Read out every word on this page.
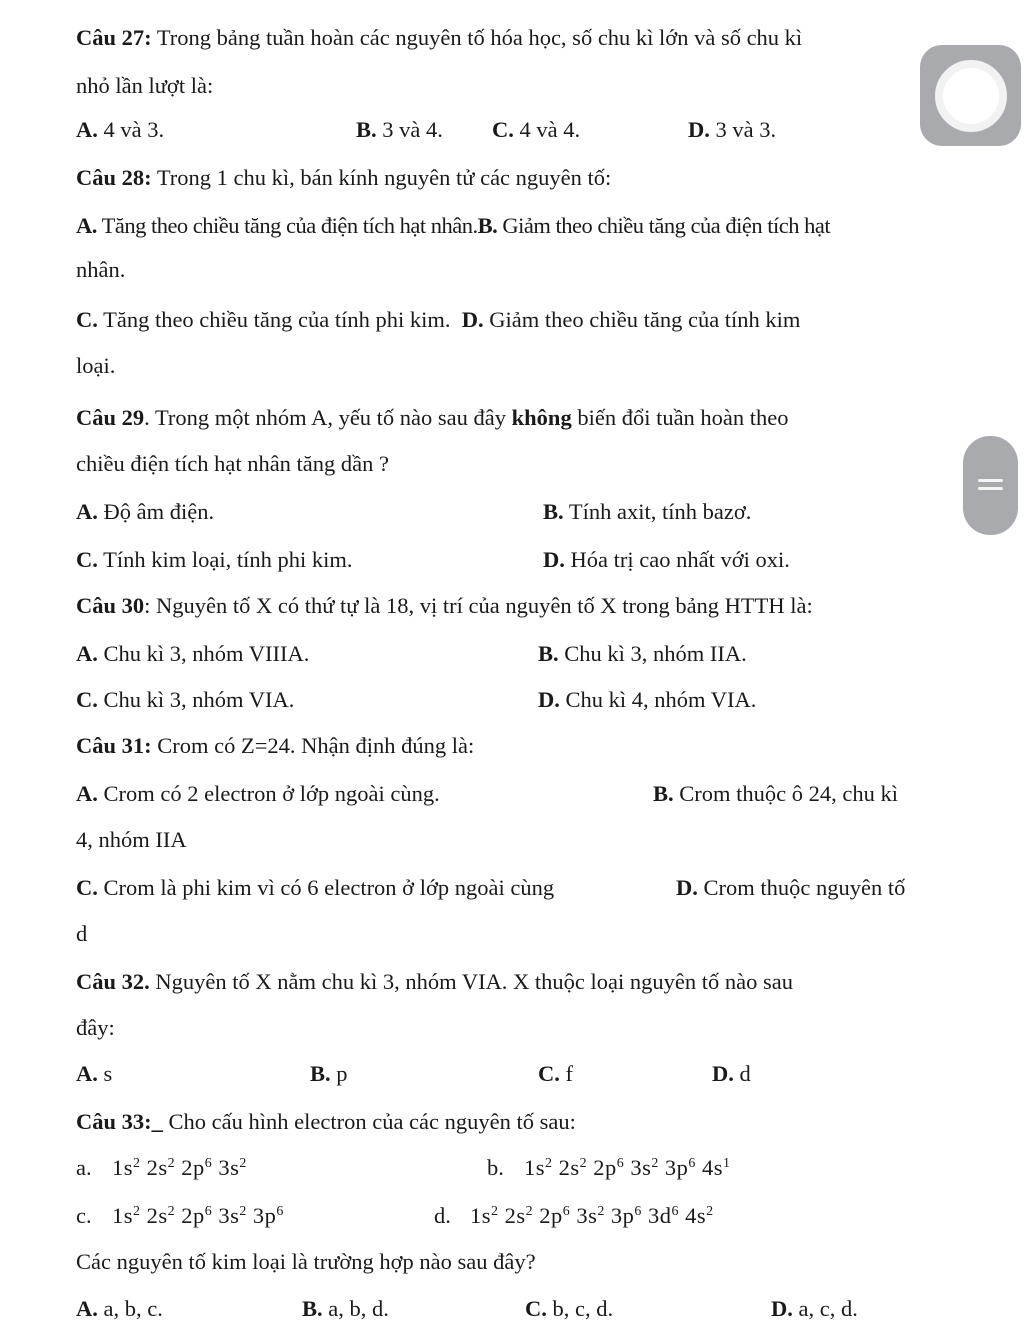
Câu 27: Trong bảng tuần hoàn các nguyên tố hóa học, số chu kì lớn và số chu kì
nhỏ lần lượt là:
A. 4 và 3.	B. 3 và 4. C. 4 và 4.	D. 3 và 3.
Câu 28: Trong 1 chu kì, bán kính nguyên tử các nguyên tố:
A. Tăng theo chiều tăng của điện tích hạt nhân.B. Giảm theo chiều tăng của điện tích hạt
nhân.
C. Tăng theo chiều tăng của tính phi kim. D. Giảm theo chiều tăng của tính kim
loại.
Câu 29. Trong một nhóm A, yếu tố nào sau đây không biến đổi tuần hoàn theo
chiều điện tích hạt nhân tăng dần ?
A. Độ âm điện.	B. Tính axit, tính bazơ.
C. Tính kim loại, tính phi kim.	D. Hóa trị cao nhất với oxi.
Câu 30: Nguyên tố X có thứ tự là 18, vị trí của nguyên tố X trong bảng HTTH là:
A. Chu kì 3, nhóm VIIIA.	B. Chu kì 3, nhóm IIA.
C. Chu kì 3, nhóm VIA.	D. Chu kì 4, nhóm VIA.
Câu 31: Crom có Z=24. Nhận định đúng là:
A. Crom có 2 electron ở lớp ngoài cùng.	B. Crom thuộc ô 24, chu kì
4, nhóm IIA
C. Crom là phi kim vì có 6 electron ở lớp ngoài cùng	D. Crom thuộc nguyên tố
d
Câu 32. Nguyên tố X nằm chu kì 3, nhóm VIA. X thuộc loại nguyên tố nào sau
đây:
A. s	B. p	C. f	D. d
Câu 33:_ Cho cấu hình electron của các nguyên tố sau:
a. $1s^2$ $2s^2$ $2p^6$ $3s^2$	b. $1s^2$ $2s^2$ $2p^6$ $3s^2$ $3p^6$ $4s^1$
c. $1s^2$ $2s^2$ $2p^6$ $3s^2$ $3p^6$	d. $1s^2$ $2s^2$ $2p^6$ $3s^2$ $3p^6$ $3d^6$ $4s^2$
Các nguyên tố kim loại là trường hợp nào sau đây?
A. a, b, c.	B. a, b, d.	C. b, c, d.	D. a, c, d.
